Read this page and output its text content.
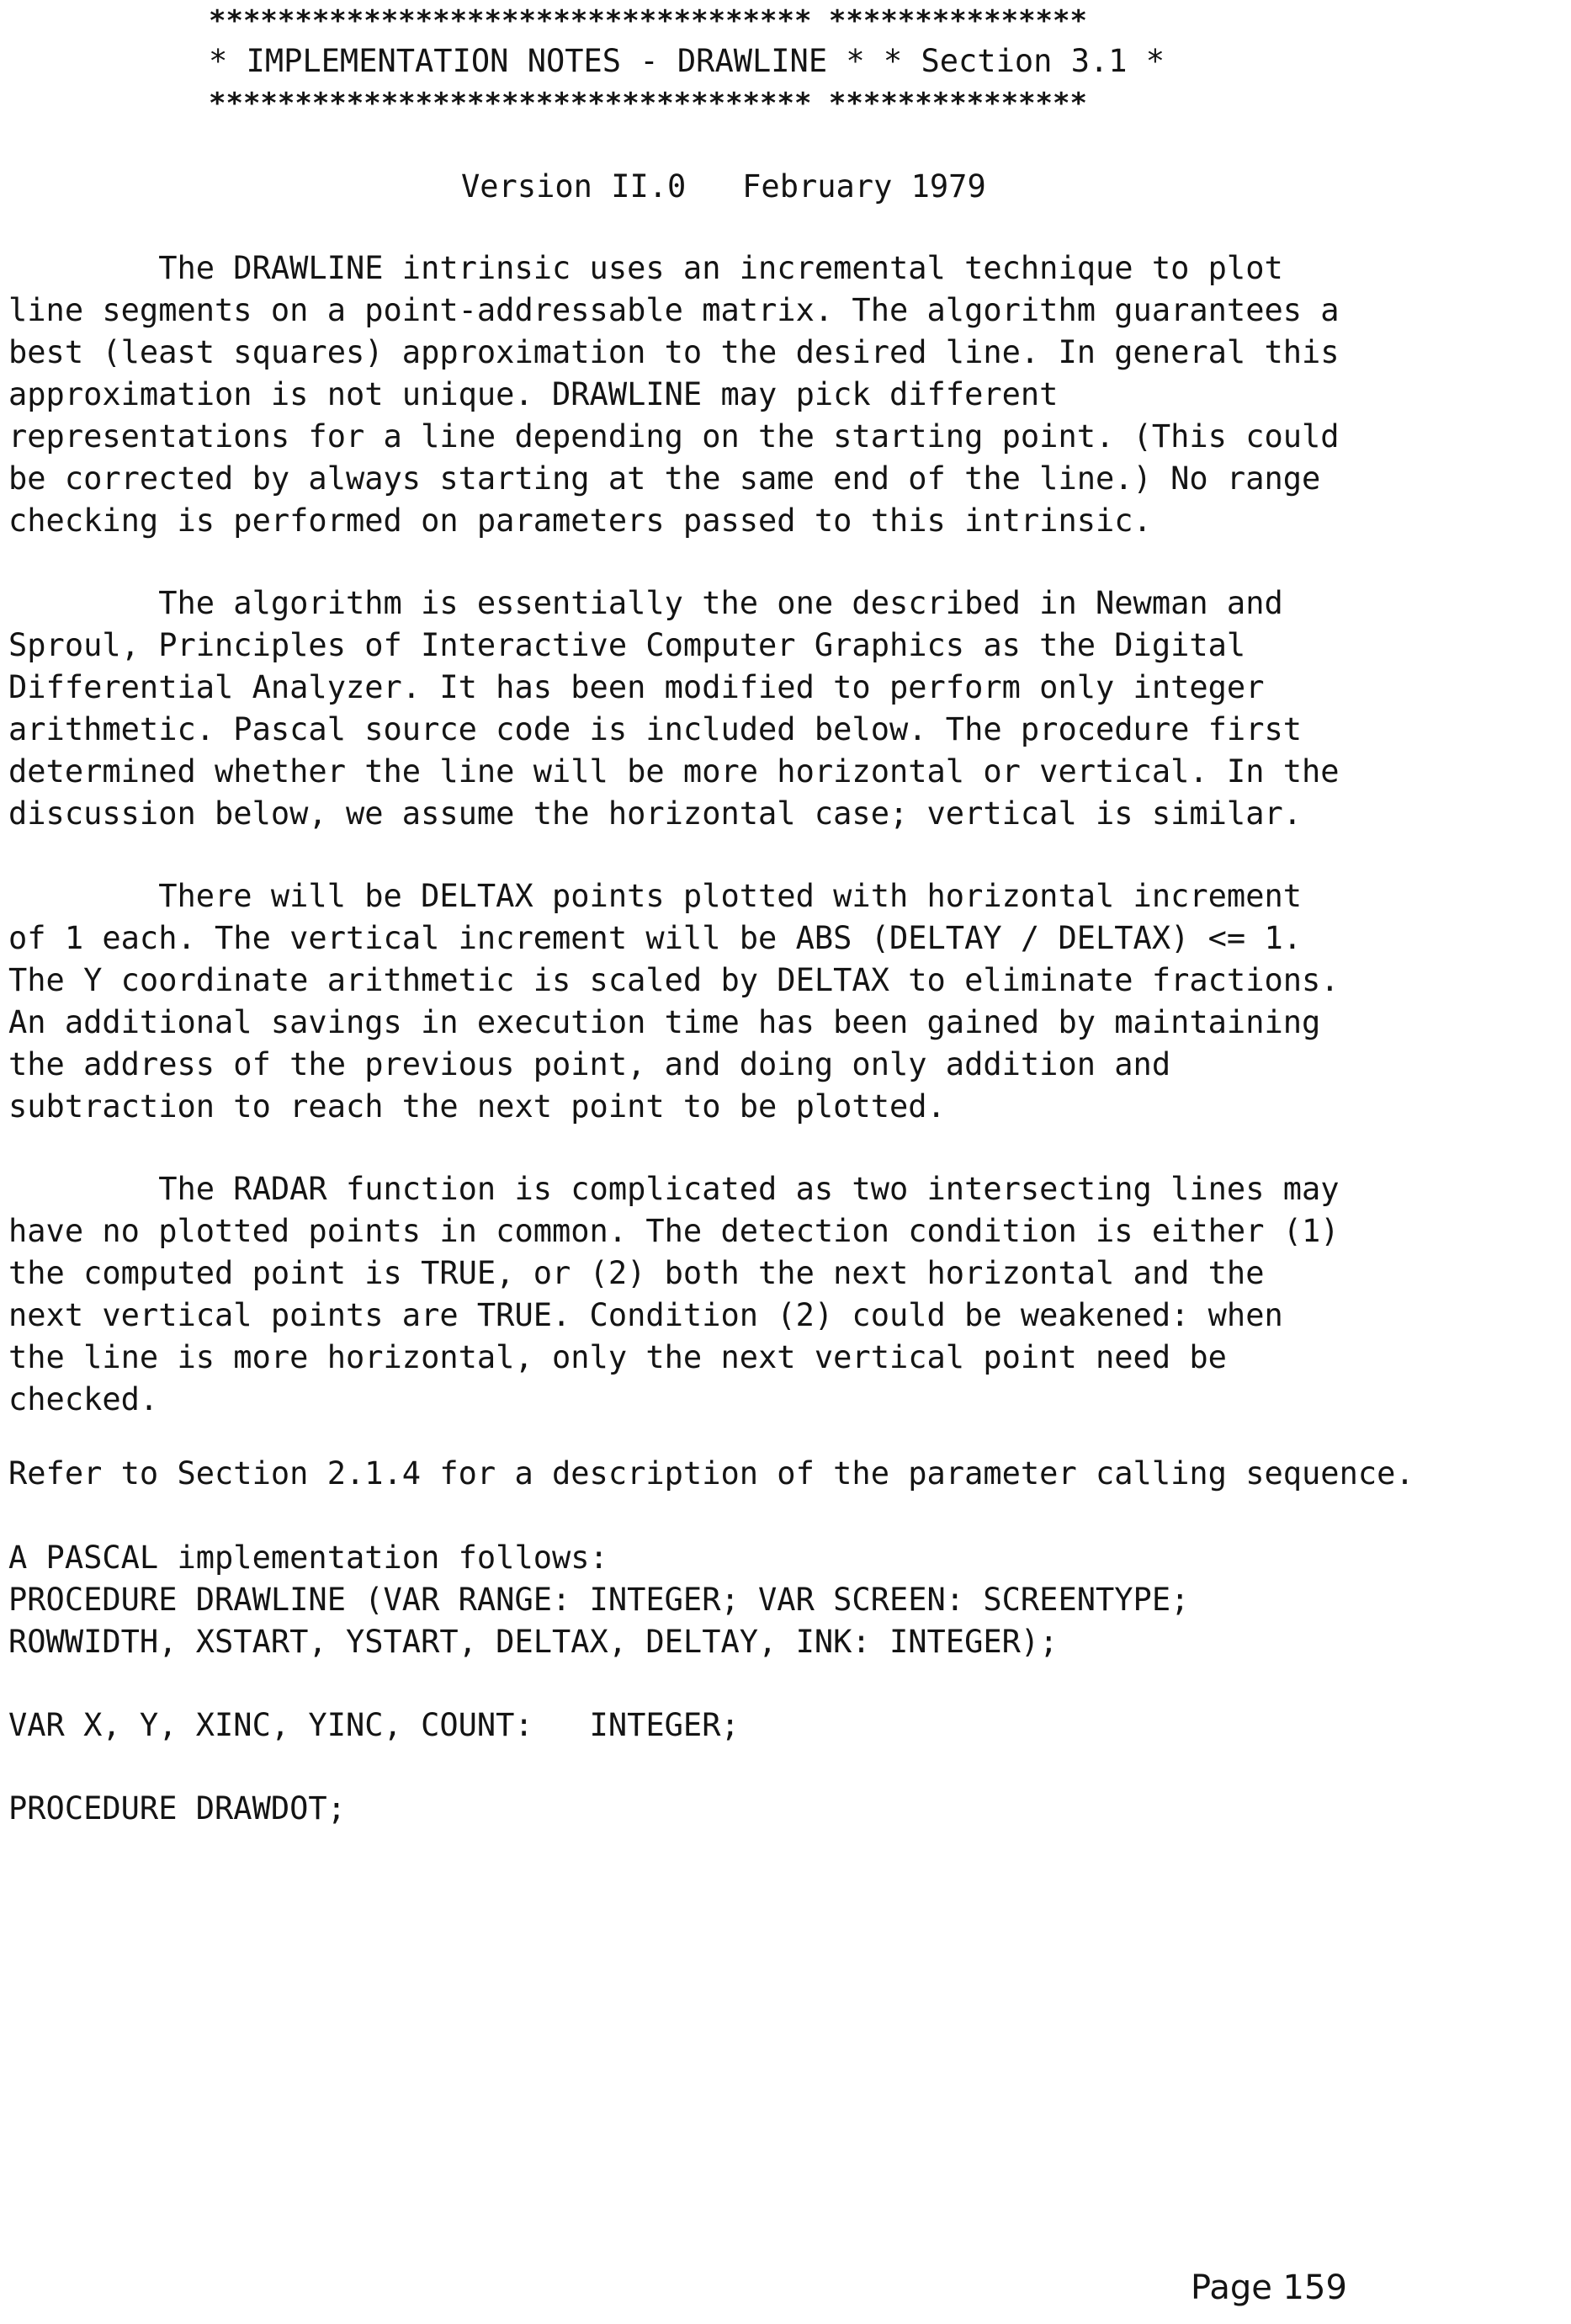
*********************************** ***************
* IMPLEMENTATION NOTES - DRAWLINE * * Section 3.1 *
*********************************** ***************
Version II.0   February 1979
The DRAWLINE intrinsic uses an incremental technique to plot
line segments on a point-addressable matrix. The algorithm guarantees a
best (least squares) approximation to the desired line. In general this
approximation is not unique. DRAWLINE may pick different
representations for a line depending on the starting point. (This could
be corrected by always starting at the same end of the line.) No range
checking is performed on parameters passed to this intrinsic.
The algorithm is essentially the one described in Newman and
Sproul, Principles of Interactive Computer Graphics as the Digital
Differential Analyzer. It has been modified to perform only integer
arithmetic. Pascal source code is included below. The procedure first
determined whether the line will be more horizontal or vertical. In the
discussion below, we assume the horizontal case; vertical is similar.
There will be DELTAX points plotted with horizontal increment
of 1 each. The vertical increment will be ABS (DELTAY / DELTAX) <= 1.
The Y coordinate arithmetic is scaled by DELTAX to eliminate fractions.
An additional savings in execution time has been gained by maintaining
the address of the previous point, and doing only addition and
subtraction to reach the next point to be plotted.
The RADAR function is complicated as two intersecting lines may
have no plotted points in common. The detection condition is either (1)
the computed point is TRUE, or (2) both the next horizontal and the
next vertical points are TRUE. Condition (2) could be weakened: when
the line is more horizontal, only the next vertical point need be
checked.
Refer to Section 2.1.4 for a description of the parameter calling sequence.
A PASCAL implementation follows:
PROCEDURE DRAWLINE (VAR RANGE: INTEGER; VAR SCREEN: SCREENTYPE;
ROWWIDTH, XSTART, YSTART, DELTAX, DELTAY, INK: INTEGER);
VAR X, Y, XINC, YINC, COUNT:   INTEGER;
PROCEDURE DRAWDOT;
Page 159
